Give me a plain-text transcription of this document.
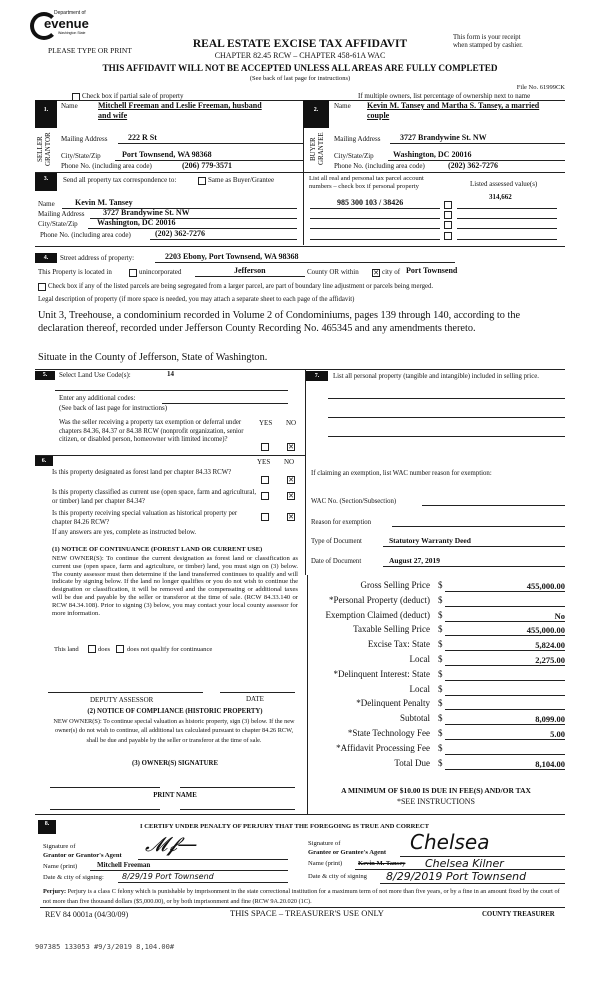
Department of
evenue
Washington State
PLEASE TYPE OR PRINT
REAL ESTATE EXCISE TAX AFFIDAVIT
CHAPTER 82.45 RCW – CHAPTER 458-61A WAC
THIS AFFIDAVIT WILL NOT BE ACCEPTED UNLESS ALL AREAS ARE FULLY COMPLETED
(See back of last page for instructions)
This form is your receipt
when stamped by cashier.
File No. 61999CK
Check box if partial sale of property	If multiple owners, list percentage of ownership next to name
1.
SELLER GRANTOR
Name	Mitchell Freeman and Leslie Freeman, husband
and wife
Mailing Address	222 R St
City/State/Zip	Port Townsend, WA 98368
Phone No. (including area code)	(206) 779-3571
2.
BUYER GRANTEE
Name Kevin M. Tansey and Martha S. Tansey, a married
couple
Mailing Address 3727 Brandywine St. NW
City/State/Zip Washington, DC 20016
Phone No. (including area code)	(202) 362-7276
3.	Send all property tax correspondence to:	Same as Buyer/Grantee
Name	Kevin M. Tansey
Mailing Address 3727 Brandywine St. NW
City/State/Zip Washington, DC 20016
Phone No. (including area code)	(202) 362-7276
List all real and personal tax parcel account
numbers – check box if personal property	Listed assessed value(s)
985 300 103 / 38426
314,662
4.	Street address of property:	2203 Ebony, Port Townsend, WA 98368
This Property is located in	unincorporated	Jefferson	County OR within ✕ city of Port Townsend
Check box if any of the listed parcels are being segregated from a larger parcel, are part of boundary line adjustment or parcels being merged.
Legal description of property (if more space is needed, you may attach a separate sheet to each page of the affidavit)
Unit 3, Treehouse, a condominium recorded in Volume 2 of Condominiums, pages 139 through 140, according to the declaration thereof, recorded under Jefferson County Recording No. 465345 and any amendments thereto.
Situate in the County of Jefferson, State of Washington.
5.	Select Land Use Code(s):	14
Enter any additional codes:
(See back of last page for instructions)
Was the seller receiving a property tax exemption or deferral under chapters 84.36, 84.37 or 84.38 RCW (nonprofit organization, senior citizen, or disabled person, homeowner with limited income)?
YES NO
✕
6.	YES NO
Is this property designated as forest land per chapter 84.33 RCW?
✕
Is this property classified as current use (open space, farm and agricultural, or timber) land per chapter 84.34?
✕
Is this property receiving special valuation as historical property per chapter 84.26 RCW?
✕
If any answers are yes, complete as instructed below.
(1) NOTICE OF CONTINUANCE (FOREST LAND OR CURRENT USE)
NEW OWNER(S): To continue the current designation as forest land or classification as current use (open space, farm and agriculture, or timber) land, you must sign on (3) below. The county assessor must then determine if the land transferred continues to qualify and will indicate by signing below. If the land no longer qualifies or you do not wish to continue the designation or classification, it will be removed and the compensating or additional taxes will be due and payable by the seller or transferor at the time of sale. (RCW 84.33.140 or RCW 84.34.108). Prior to signing (3) below, you may contact your local county assessor for more information.
This land	does	does not qualify for continuance
DEPUTY ASSESSOR	DATE
(2) NOTICE OF COMPLIANCE (HISTORIC PROPERTY)
NEW OWNER(S): To continue special valuation as historic property, sign (3) below. If the new owner(s) do not wish to continue, all additional tax calculated pursuant to chapter 84.26 RCW, shall be due and payable by the seller or transferor at the time of sale.
(3) OWNER(S) SIGNATURE
PRINT NAME
7.	List all personal property (tangible and intangible) included in selling price.
If claiming an exemption, list WAC number reason for exemption:
WAC No. (Section/Subsection)
Reason for exemption
Type of Document	Statutory Warranty Deed
Date of Document	August 27, 2019
Gross Selling Price $	455,000.00
*Personal Property (deduct) $
Exemption Claimed (deduct) $	No
Taxable Selling Price $	455,000.00
Excise Tax: State $	5,824.00
Local $	2,275.00
*Delinquent Interest: State $
Local $
*Delinquent Penalty $
Subtotal $	8,099.00
*State Technology Fee $	5.00
*Affidavit Processing Fee $
Total Due $	8,104.00
A MINIMUM OF $10.00 IS DUE IN FEE(S) AND/OR TAX
*SEE INSTRUCTIONS
8.	I CERTIFY UNDER PENALTY OF PERJURY THAT THE FOREGOING IS TRUE AND CORRECT
Signature of
Grantor or Grantor's Agent 𝓜𝓯—
Name (print)	Mitchell Freeman
Date & city of signing: 8/29/19 Port Townsend
Signature of
Grantee or Grantee's Agent Chelsea
Name (print) Kevin M. Tansey Chelsea Kilner
Date & city of signing 8/29/2019 Port Townsend
Perjury: Perjury is a class C felony which is punishable by imprisonment in the state correctional institution for a maximum term of not more than five years, or by a fine in an amount fixed by the court of not more than five thousand dollars ($5,000.00), or by both imprisonment and fine (RCW 9A.20.020 (1C).
REV 84 0001a (04/30/09)	THIS SPACE – TREASURER'S USE ONLY	COUNTY TREASURER
907385 133053 #9/3/2019 8,104.00#
